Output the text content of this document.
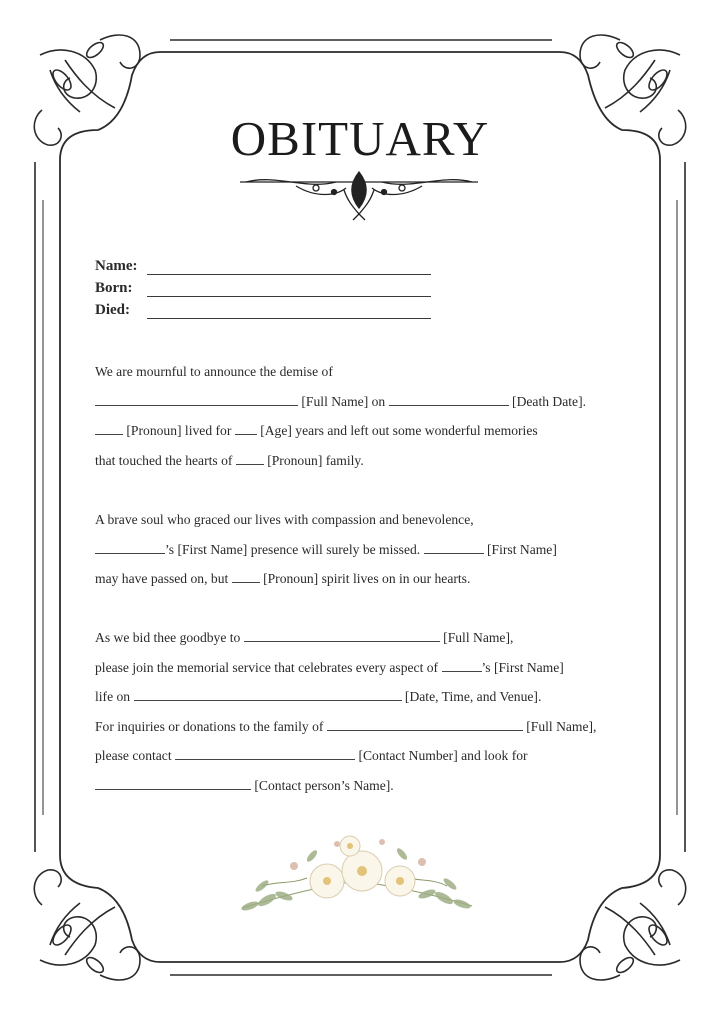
OBITUARY
Name:
Born:
Died:
We are mournful to announce the demise of
[Full Name] on	[Death Date].
[Pronoun] lived for [Age] years and left out some wonderful memories
that touched the hearts of	[Pronoun] family.
A brave soul who graced our lives with compassion and benevolence,
’s [First Name] presence will surely be missed.	[First Name]
may have passed on, but	[Pronoun] spirit lives on in our hearts.
As we bid thee goodbye to	[Full Name],
please join the memorial service that celebrates every aspect of	’s [First Name]
life on	[Date, Time, and Venue].
For inquiries or donations to the family of	[Full Name],
please contact	[Contact Number] and look for
[Contact person’s Name].
